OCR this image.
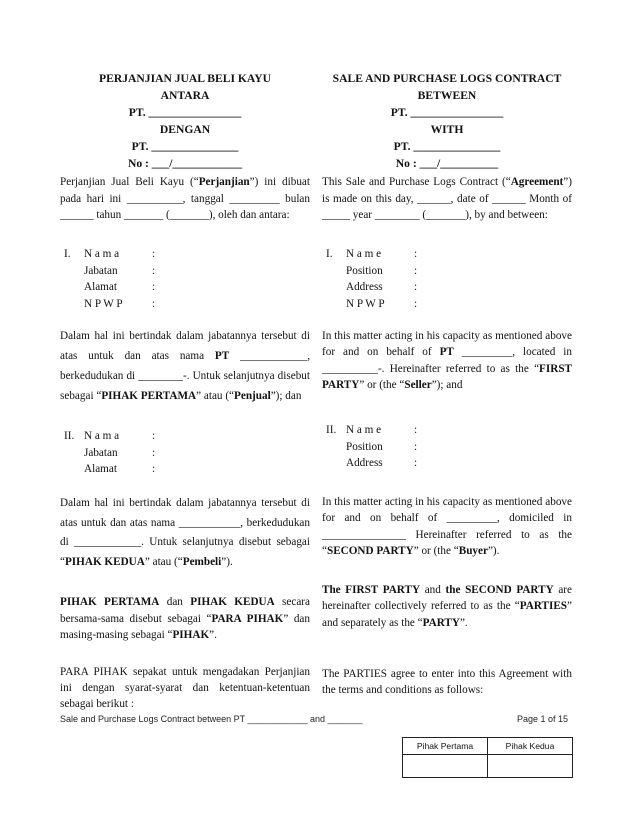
PERJANJIAN JUAL BELI KAYU
ANTARA
PT. ________________
DENGAN
PT. _______________
No : ___/____________
Perjanjian Jual Beli Kayu (“Perjanjian”) ini dibuat pada hari ini __________, tanggal _________ bulan ______ tahun _______ (_______), oleh dan antara:
I.	N a m a	:
	Jabatan	:
	Alamat	:
	N P W P	:
Dalam hal ini bertindak dalam jabatannya tersebut di atas untuk dan atas nama PT ____________, berkedudukan di ________-. Untuk selanjutnya disebut sebagai “PIHAK PERTAMA” atau (“Penjual”); dan
II.	N a m a	:
	Jabatan	:
	Alamat	:
Dalam hal ini bertindak dalam jabatannya tersebut di atas untuk dan atas nama ___________, berkedudukan di ____________. Untuk selanjutnya disebut sebagai “PIHAK KEDUA” atau (“Pembeli”).
PIHAK PERTAMA dan PIHAK KEDUA secara bersama-sama disebut sebagai “PARA PIHAK” dan masing-masing sebagai “PIHAK”.
PARA PIHAK sepakat untuk mengadakan Perjanjian ini dengan syarat-syarat dan ketentuan-ketentuan sebagai berikut :
SALE AND PURCHASE LOGS CONTRACT
BETWEEN
PT. ________________
WITH
PT. _______________
No : ___/__________
This Sale and Purchase Logs Contract (“Agreement”) is made on this day, ______, date of ______ Month of _____ year ________ (_______), by and between:
I.	N a m e	:
	Position	:
	Address	:
	N P W P	:
In this matter acting in his capacity as mentioned above for and on behalf of PT _________, located in __________-. Hereinafter referred to as the “FIRST PARTY” or (the “Seller”); and
II.	N a m e	:
	Position	:
	Address	:
In this matter acting in his capacity as mentioned above for and on behalf of _________, domiciled in _______________ Hereinafter referred to as the “SECOND PARTY” or (the “Buyer”).
The FIRST PARTY and the SECOND PARTY are hereinafter collectively referred to as the “PARTIES” and separately as the “PARTY”.
The PARTIES agree to enter into this Agreement with the terms and conditions as follows:
Sale and Purchase Logs Contract between PT ____________ and _______	Page 1 of 15
Pihak Pertama	Pihak Kedua
